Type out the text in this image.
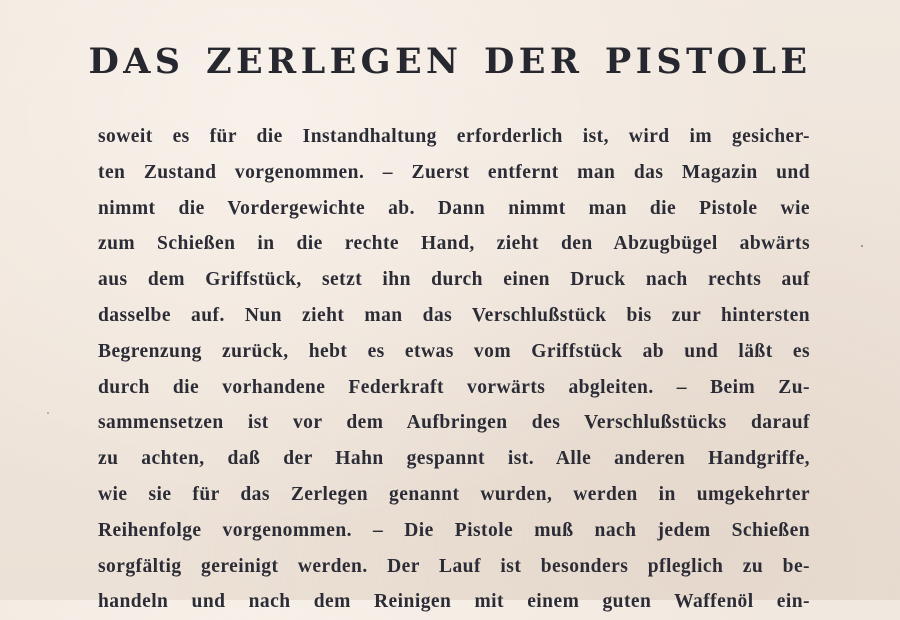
DAS ZERLEGEN DER PISTOLE
soweit es für die Instandhaltung erforderlich ist, wird im gesicher-
ten Zustand vorgenommen. – Zuerst entfernt man das Magazin und
nimmt die Vordergewichte ab. Dann nimmt man die Pistole wie
zum Schießen in die rechte Hand, zieht den Abzugbügel abwärts
aus dem Griffstück, setzt ihn durch einen Druck nach rechts auf
dasselbe auf. Nun zieht man das Verschlußstück bis zur hintersten
Begrenzung zurück, hebt es etwas vom Griffstück ab und läßt es
durch die vorhandene Federkraft vorwärts abgleiten. – Beim Zu-
sammensetzen ist vor dem Aufbringen des Verschlußstücks darauf
zu achten, daß der Hahn gespannt ist. Alle anderen Handgriffe,
wie sie für das Zerlegen genannt wurden, werden in umgekehrter
Reihenfolge vorgenommen. – Die Pistole muß nach jedem Schießen
sorgfältig gereinigt werden. Der Lauf ist besonders pfleglich zu be-
handeln und nach dem Reinigen mit einem guten Waffenöl ein-
